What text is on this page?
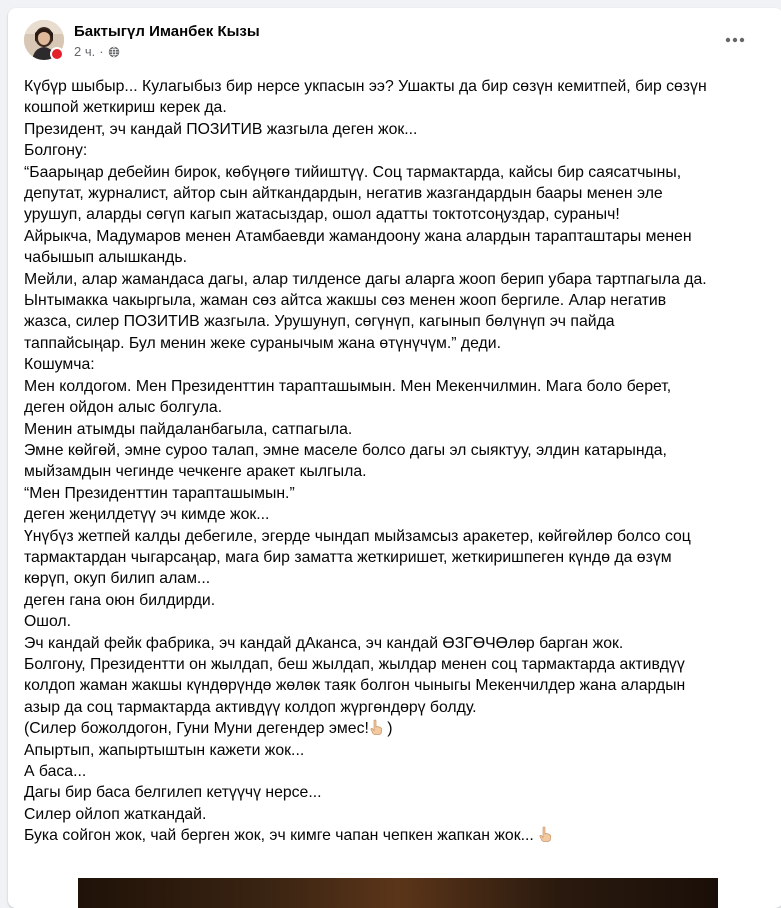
Бактыгүл Иманбек Кызы
2 ч. ·
Күбүр шыбыр... Кулагыбыз бир нерсе укпасын ээ? Ушакты да бир сөзүн кемитпей, бир сөзүн
кошпой жеткириш керек да.
Президент, эч кандай ПОЗИТИВ жазгыла деген жок...
Болгону:
“Баарыңар дебейин бирок, көбүңөгө тийиштүү. Соц тармактарда, кайсы бир саясатчыны,
депутат, журналист, айтор сын айткандардын, негатив жазгандардын баары менен эле
урушуп, аларды сөгүп кагып жатасыздар, ошол адатты токтотсоңуздар, сураныч!
Айрыкча, Мадумаров менен Атамбаевди жамандоону жана алардын тарапташтары менен
чабышып алышкандь.
Мейли, алар жамандаса дагы, алар тилденсе дагы аларга жооп берип убара тартпагыла да.
Ынтымакка чакыргыла, жаман сөз айтса жакшы сөз менен жооп бергиле. Алар негатив
жазса, силер ПОЗИТИВ жазгыла. Урушунуп, сөгүнүп, кагынып бөлүнүп эч пайда
таппайсыңар. Бул менин жеке суранычым жана өтүнүчүм.” деди.
Кошумча:
Мен колдогом. Мен Президенттин тарапташымын. Мен Мекенчилмин. Мага боло берет,
деген ойдон алыс болгула.
Менин атымды пайдаланбагыла, сатпагыла.
Эмне көйгөй, эмне суроо талап, эмне маселе болсо дагы эл сыяктуу, элдин катарында,
мыйзамдын чегинде чечкенге аракет кылгыла.
“Мен Президенттин тарапташымын.”
деген жеңилдетүү эч кимде жок...
Үнүбүз жетпей калды дебегиле, эгерде чындап мыйзамсыз аракетер, көйгөйлөр болсо соц
тармактардан чыгарсаңар, мага бир заматта жеткиришет, жеткиришпеген күндө да өзүм
көрүп, окуп билип алам...
деген гана оюн билдирди.
Ошол.
Эч кандай фейк фабрика, эч кандай дАканса, эч кандай ӨЗГӨЧӨлөр барган жок.
Болгону, Президентти он жылдап, беш жылдап, жылдар менен соц тармактарда активдүү
колдоп жаман жакшы күндөрүндө жөлөк таяк болгон чыныгы Мекенчилдер жана алардын
азыр да соц тармактарда активдүү колдоп жүргөндөрү болду.
(Силер божолдогон, Гуни Муни дегендер эмес! )
Апыртып, жапыртыштын кажети жок...
А баса...
Дагы бир баса белгилеп кетүүчү нерсе...
Силер ойлоп жаткандай.
Бука сойгон жок, чай берген жок, эч кимге чапан чепкен жапкан жок...
